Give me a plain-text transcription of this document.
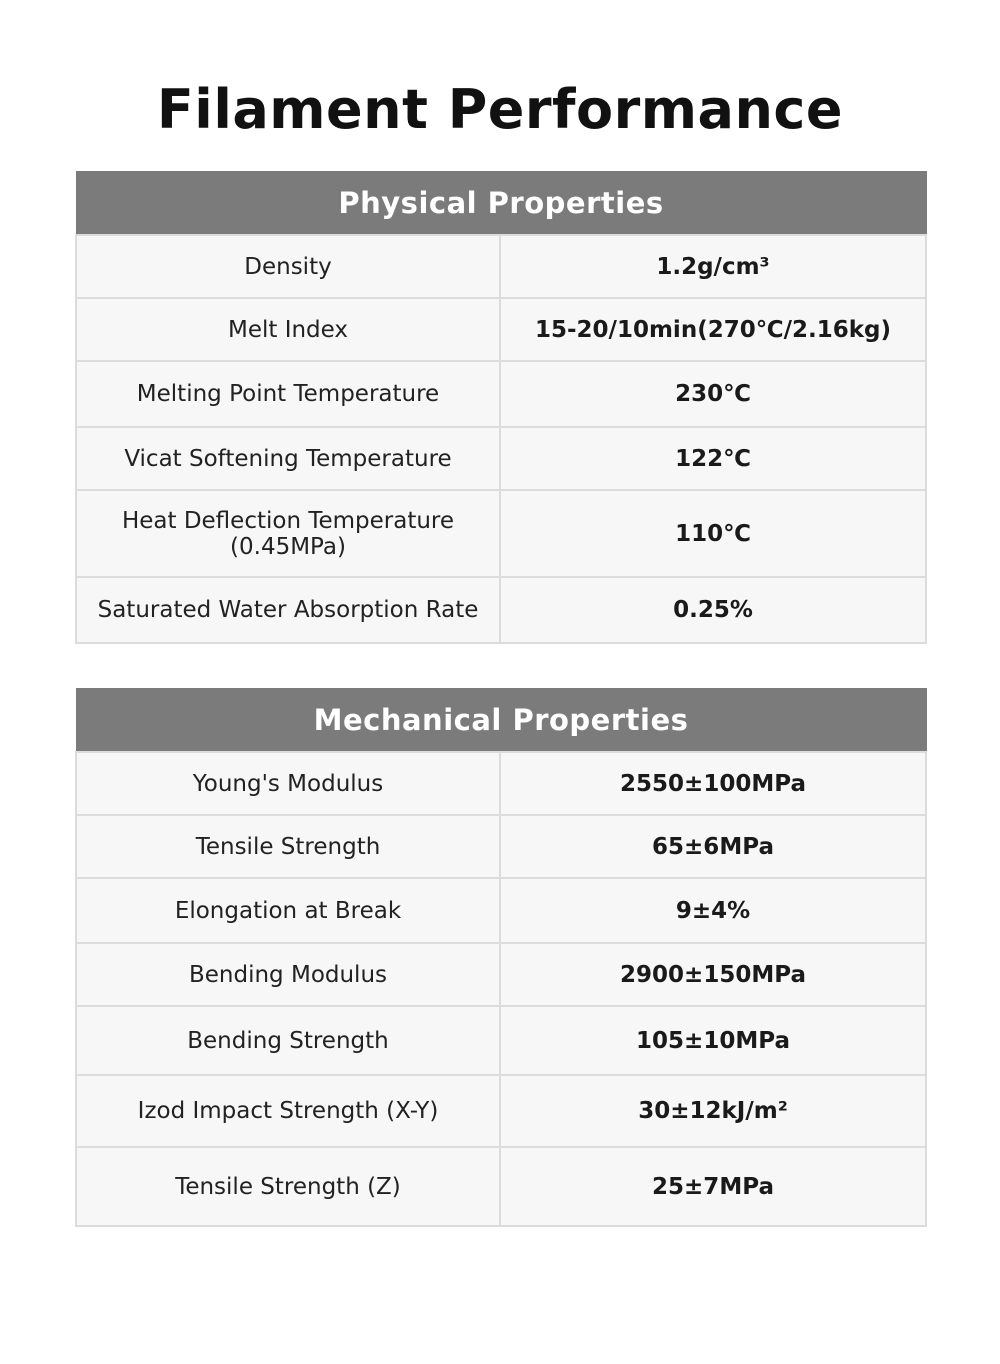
Filament Performance
Physical Properties	
Density	1.2g/cm³
Melt Index	15-20/10min(270℃/2.16kg)
Melting Point Temperature	230℃
Vicat Softening Temperature	122℃
Heat Deflection Temperature
(0.45MPa)	110℃
Saturated Water Absorption Rate	0.25%
Mechanical Properties	
Young's Modulus	2550±100MPa
Tensile Strength	65±6MPa
Elongation at Break	9±4%
Bending Modulus	2900±150MPa
Bending Strength	105±10MPa
Izod Impact Strength (X-Y)	30±12kJ/m²
Tensile Strength (Z)	25±7MPa
